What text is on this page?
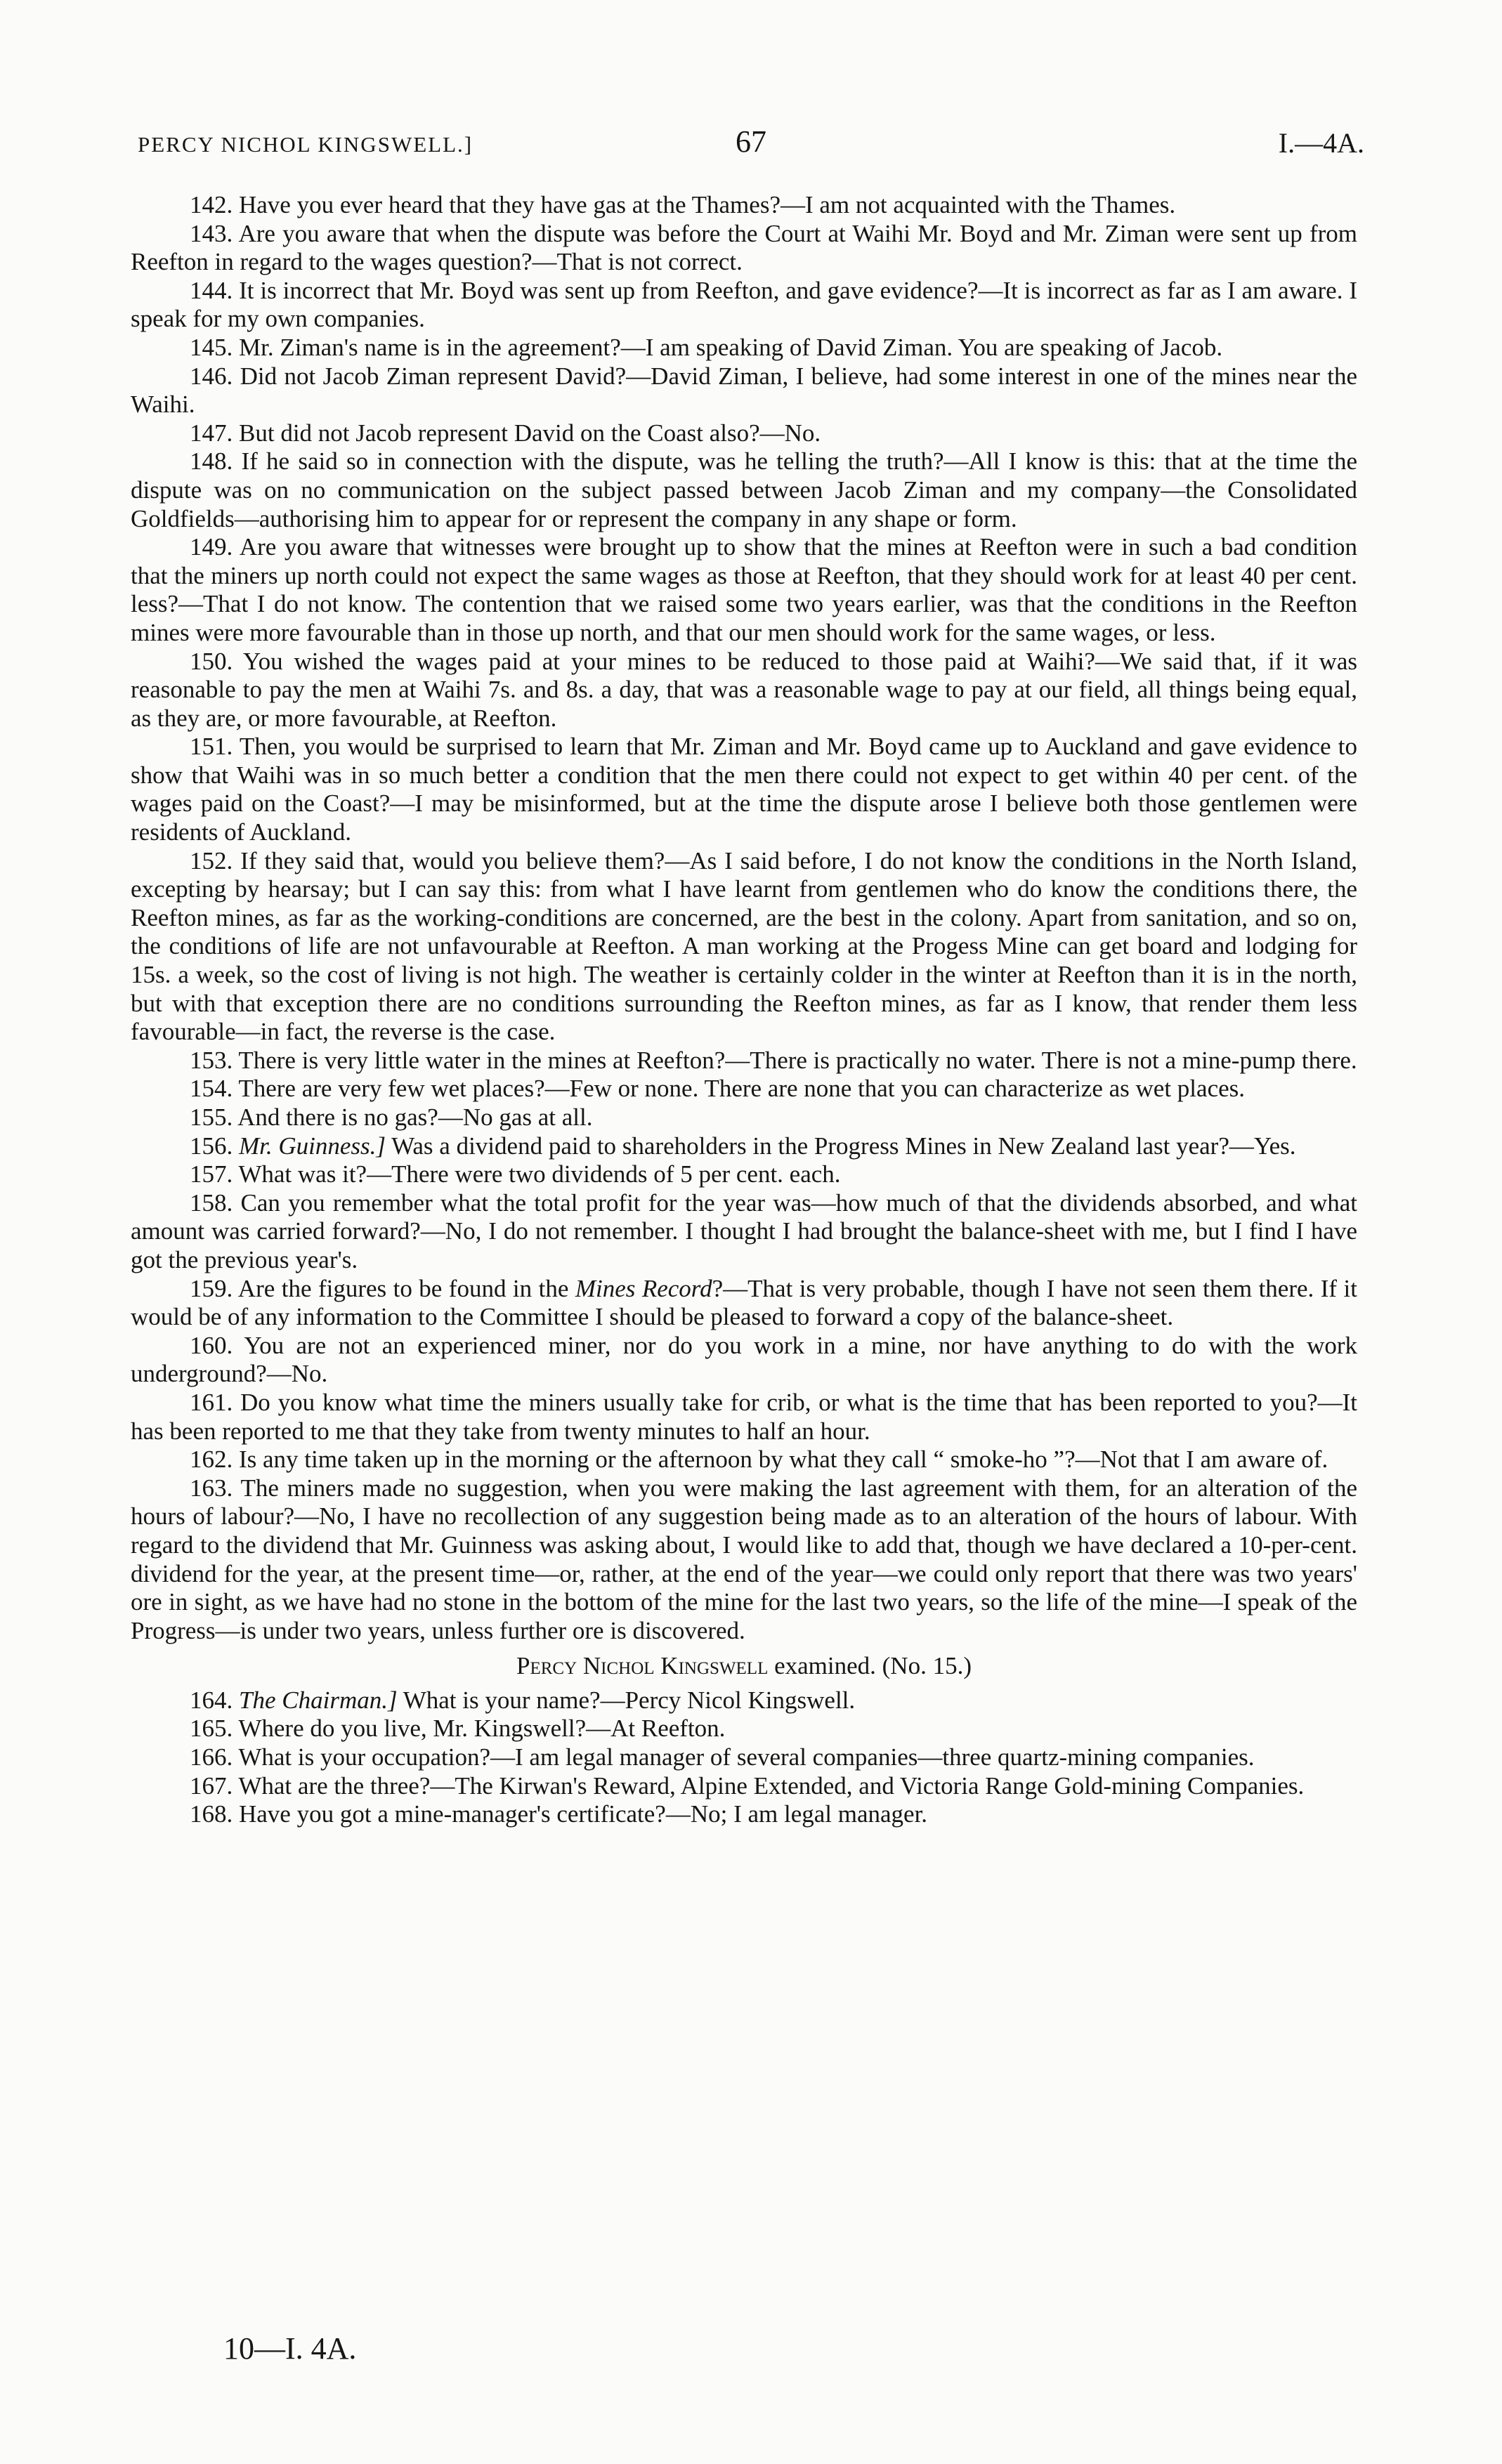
PERCY NICHOL KINGSWELL.]	67	I.—4A.

142. Have you ever heard that they have gas at the Thames?—I am not acquainted with the Thames.

143. Are you aware that when the dispute was before the Court at Waihi Mr. Boyd and Mr. Ziman were sent up from Reefton in regard to the wages question?—That is not correct.

144. It is incorrect that Mr. Boyd was sent up from Reefton, and gave evidence?—It is incorrect as far as I am aware. I speak for my own companies.

145. Mr. Ziman's name is in the agreement?—I am speaking of David Ziman. You are speaking of Jacob.

146. Did not Jacob Ziman represent David?—David Ziman, I believe, had some interest in one of the mines near the Waihi.

147. But did not Jacob represent David on the Coast also?—No.

148. If he said so in connection with the dispute, was he telling the truth?—All I know is this: that at the time the dispute was on no communication on the subject passed between Jacob Ziman and my company—the Consolidated Goldfields—authorising him to appear for or represent the company in any shape or form.

149. Are you aware that witnesses were brought up to show that the mines at Reefton were in such a bad condition that the miners up north could not expect the same wages as those at Reefton, that they should work for at least 40 per cent. less?—That I do not know. The contention that we raised some two years earlier, was that the conditions in the Reefton mines were more favourable than in those up north, and that our men should work for the same wages, or less.

150. You wished the wages paid at your mines to be reduced to those paid at Waihi?—We said that, if it was reasonable to pay the men at Waihi 7s. and 8s. a day, that was a reasonable wage to pay at our field, all things being equal, as they are, or more favourable, at Reefton.

151. Then, you would be surprised to learn that Mr. Ziman and Mr. Boyd came up to Auckland and gave evidence to show that Waihi was in so much better a condition that the men there could not expect to get within 40 per cent. of the wages paid on the Coast?—I may be misinformed, but at the time the dispute arose I believe both those gentlemen were residents of Auckland.

152. If they said that, would you believe them?—As I said before, I do not know the conditions in the North Island, excepting by hearsay; but I can say this: from what I have learnt from gentlemen who do know the conditions there, the Reefton mines, as far as the working-conditions are concerned, are the best in the colony. Apart from sanitation, and so on, the conditions of life are not unfavourable at Reefton. A man working at the Progess Mine can get board and lodging for 15s. a week, so the cost of living is not high. The weather is certainly colder in the winter at Reefton than it is in the north, but with that exception there are no conditions surrounding the Reefton mines, as far as I know, that render them less favourable—in fact, the reverse is the case.

153. There is very little water in the mines at Reefton?—There is practically no water. There is not a mine-pump there.

154. There are very few wet places?—Few or none. There are none that you can characterize as wet places.

155. And there is no gas?—No gas at all.

156. Mr. Guinness.] Was a dividend paid to shareholders in the Progress Mines in New Zealand last year?—Yes.

157. What was it?—There were two dividends of 5 per cent. each.

158. Can you remember what the total profit for the year was—how much of that the dividends absorbed, and what amount was carried forward?—No, I do not remember. I thought I had brought the balance-sheet with me, but I find I have got the previous year's.

159. Are the figures to be found in the Mines Record?—That is very probable, though I have not seen them there. If it would be of any information to the Committee I should be pleased to forward a copy of the balance-sheet.

160. You are not an experienced miner, nor do you work in a mine, nor have anything to do with the work underground?—No.

161. Do you know what time the miners usually take for crib, or what is the time that has been reported to you?—It has been reported to me that they take from twenty minutes to half an hour.

162. Is any time taken up in the morning or the afternoon by what they call “ smoke-ho ”?—Not that I am aware of.

163. The miners made no suggestion, when you were making the last agreement with them, for an alteration of the hours of labour?—No, I have no recollection of any suggestion being made as to an alteration of the hours of labour. With regard to the dividend that Mr. Guinness was asking about, I would like to add that, though we have declared a 10-per-cent. dividend for the year, at the present time—or, rather, at the end of the year—we could only report that there was two years' ore in sight, as we have had no stone in the bottom of the mine for the last two years, so the life of the mine—I speak of the Progress—is under two years, unless further ore is discovered.

Percy Nichol Kingswell examined. (No. 15.)

164. The Chairman.] What is your name?—Percy Nicol Kingswell.

165. Where do you live, Mr. Kingswell?—At Reefton.

166. What is your occupation?—I am legal manager of several companies—three quartz-mining companies.

167. What are the three?—The Kirwan's Reward, Alpine Extended, and Victoria Range Gold-mining Companies.

168. Have you got a mine-manager's certificate?—No; I am legal manager.

10—I. 4A.
